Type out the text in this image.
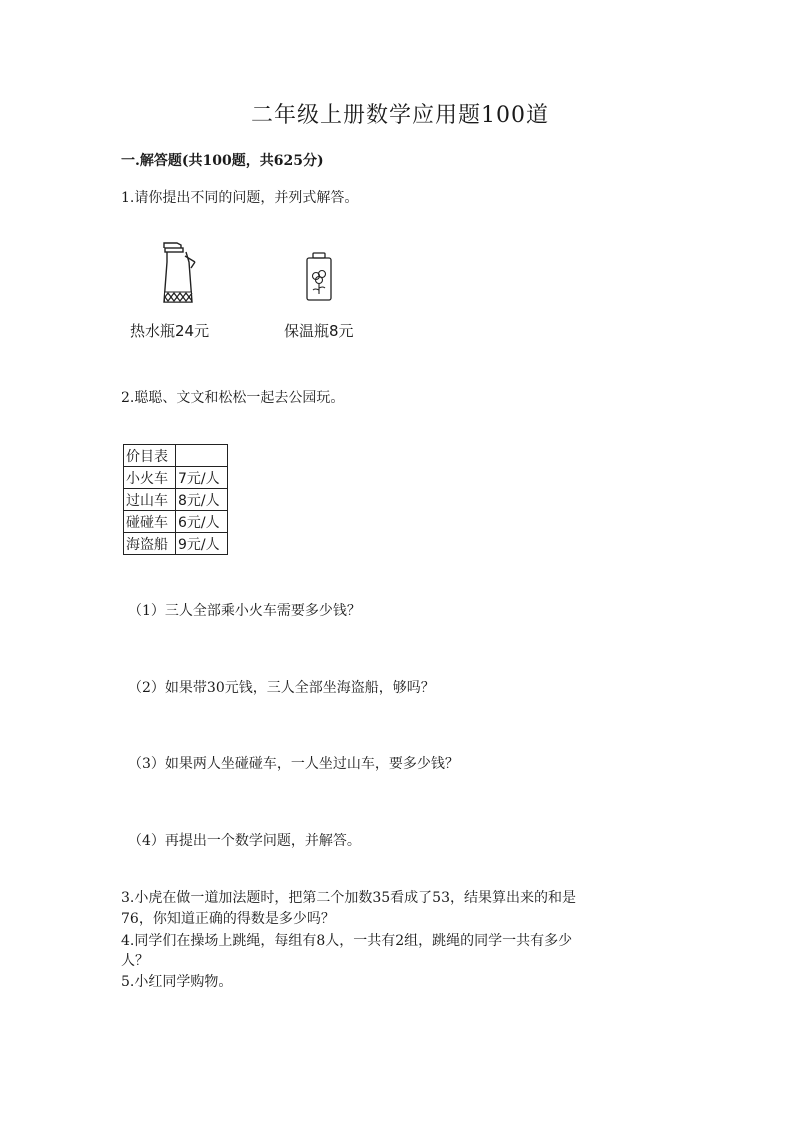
二年级上册数学应用题100道
一.解答题(共100题，共625分)
1.请你提出不同的问题，并列式解答。
热水瓶24元	保温瓶8元
2.聪聪、文文和松松一起去公园玩。
价目表	
小火车	7元/人
过山车	8元/人
碰碰车	6元/人
海盗船	9元/人
（1）三人全部乘小火车需要多少钱？
（2）如果带30元钱，三人全部坐海盗船，够吗？
（3）如果两人坐碰碰车，一人坐过山车，要多少钱？
（4）再提出一个数学问题，并解答。
3.小虎在做一道加法题时，把第二个加数35看成了53，结果算出来的和是
76，你知道正确的得数是多少吗？
4.同学们在操场上跳绳，每组有8人，一共有2组，跳绳的同学一共有多少
人？
5.小红同学购物。
